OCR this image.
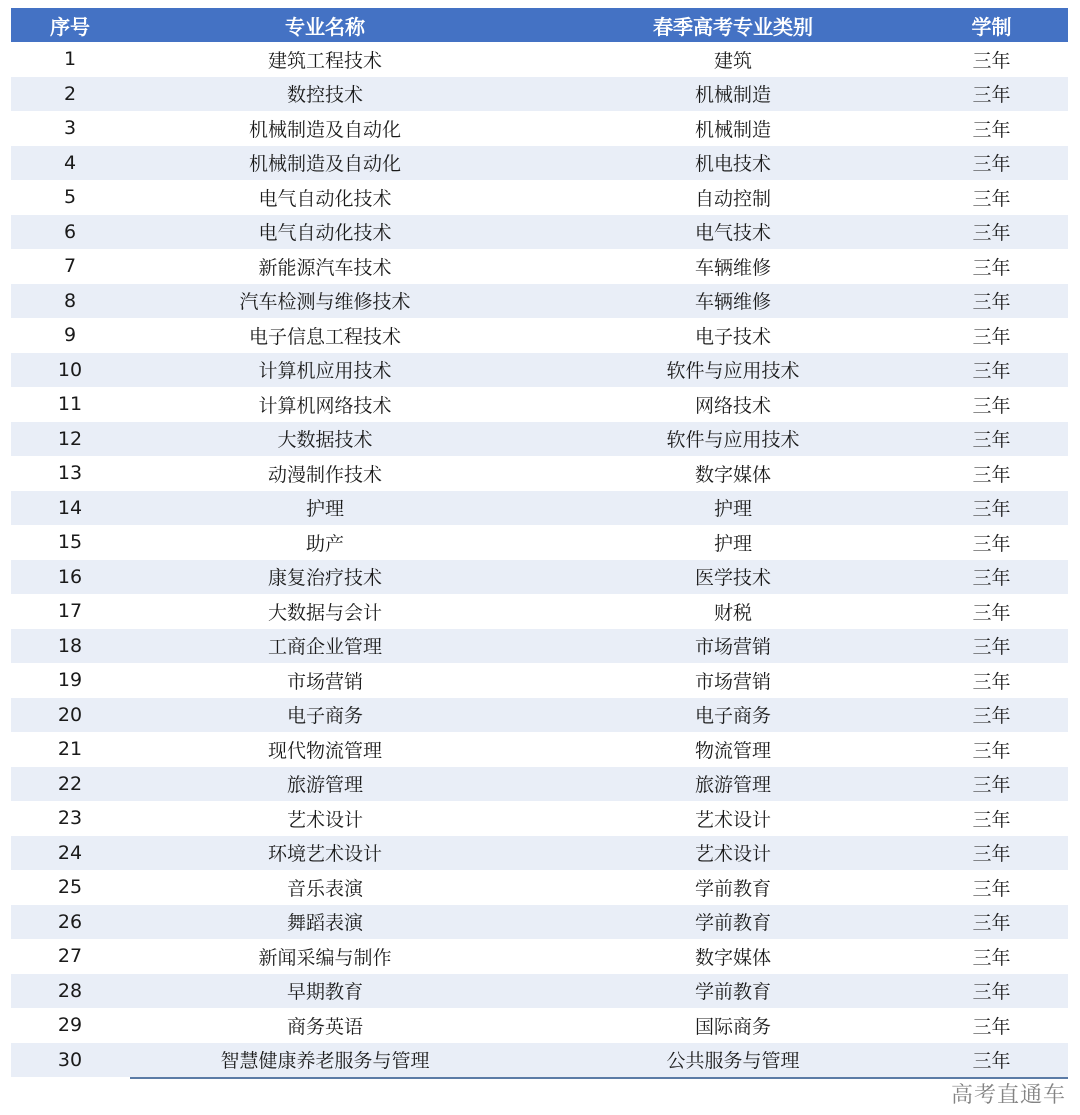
序号	专业名称	春季高考专业类别	学制
1	建筑工程技术	建筑	三年
2	数控技术	机械制造	三年
3	机械制造及自动化	机械制造	三年
4	机械制造及自动化	机电技术	三年
5	电气自动化技术	自动控制	三年
6	电气自动化技术	电气技术	三年
7	新能源汽车技术	车辆维修	三年
8	汽车检测与维修技术	车辆维修	三年
9	电子信息工程技术	电子技术	三年
10	计算机应用技术	软件与应用技术	三年
11	计算机网络技术	网络技术	三年
12	大数据技术	软件与应用技术	三年
13	动漫制作技术	数字媒体	三年
14	护理	护理	三年
15	助产	护理	三年
16	康复治疗技术	医学技术	三年
17	大数据与会计	财税	三年
18	工商企业管理	市场营销	三年
19	市场营销	市场营销	三年
20	电子商务	电子商务	三年
21	现代物流管理	物流管理	三年
22	旅游管理	旅游管理	三年
23	艺术设计	艺术设计	三年
24	环境艺术设计	艺术设计	三年
25	音乐表演	学前教育	三年
26	舞蹈表演	学前教育	三年
27	新闻采编与制作	数字媒体	三年
28	早期教育	学前教育	三年
29	商务英语	国际商务	三年
30	智慧健康养老服务与管理	公共服务与管理	三年
高考直通车
